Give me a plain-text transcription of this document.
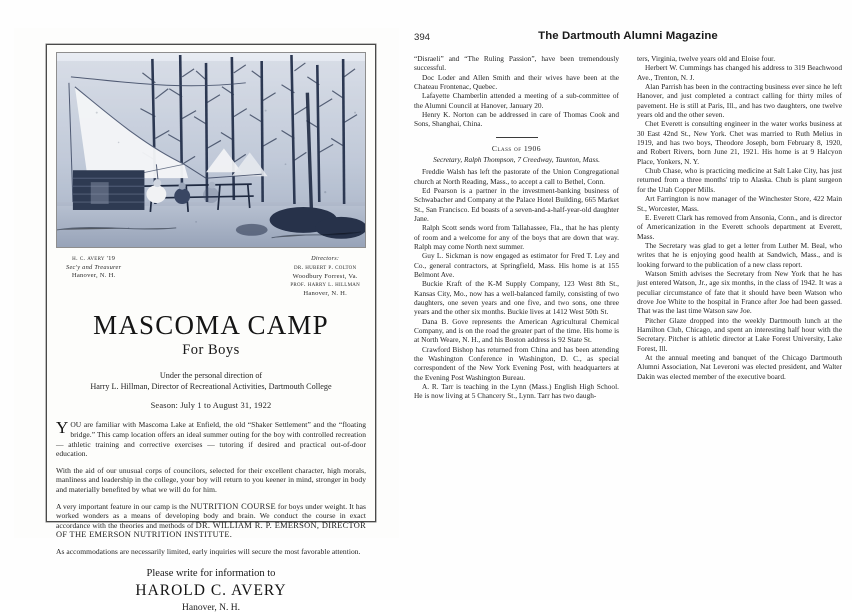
h. c. avery '19
Sec'y and Treasurer
Hanover, N. H.
Directors:
dr. hubert p. colton
Woodbury Forrest, Va.
prof. harry l. hillman
Hanover, N. H.
MASCOMA CAMP
For Boys
Under the personal direction of
Harry L. Hillman, Director of Recreational Activities, Dartmouth College
Season: July 1 to August 31, 1922

YOU are familiar with Mascoma Lake at Enfield, the old “Shaker Settlement” and the “floating bridge.” This camp location offers an ideal summer outing for the boy with controlled recreation — athletic training and corrective exercises — tutoring if desired and practical out-of-door education.

With the aid of our unusual corps of councilors, selected for their excellent character, high morals, manliness and leadership in the college, your boy will return to you keener in mind, stronger in body and materially benefited by what we will do for him.

A very important feature in our camp is the NUTRITION COURSE for boys under weight. It has worked wonders as a means of developing body and brain. We conduct the course in exact accordance with the theories and methods of DR. WILLIAM R. P. EMERSON, DIRECTOR OF THE EMERSON NUTRITION INSTITUTE.

As accommodations are necessarily limited, early inquiries will secure the most favorable attention.

Please write for information to
HAROLD C. AVERY
Hanover, N. H.
394	The Dartmouth Alumni Magazine

“Disraeli” and “The Ruling Passion”, have been tremendously successful.

Doc Loder and Allen Smith and their wives have been at the Chateau Frontenac, Quebec.

Lafayette Chamberlin attended a meeting of a sub-committee of the Alumni Council at Hanover, January 20.

Henry K. Norton can be addressed in care of Thomas Cook and Sons, Shanghai, China.

Class of 1906
Secretary, Ralph Thompson, 7 Creedway, Taunton, Mass.

Freddie Walsh has left the pastorate of the Union Congregational church at North Reading, Mass., to accept a call to Bethel, Conn.

Ed Pearson is a partner in the investment-banking business of Schwabacher and Company at the Palace Hotel Building, 665 Market St., San Francisco. Ed boasts of a seven-and-a-half-year-old daughter Jane.

Ralph Scott sends word from Tallahassee, Fla., that he has plenty of room and a welcome for any of the boys that are down that way. Ralph may come North next summer.

Guy L. Sickman is now engaged as estimator for Fred T. Ley and Co., general contractors, at Springfield, Mass. His home is at 155 Belmont Ave.

Buckie Kraft of the K-M Supply Company, 123 West 8th St., Kansas City, Mo., now has a well-balanced family, consisting of two daughters, one seven years and one five, and two sons, one three years and the other six months. Buckie lives at 1412 West 50th St.

Dana B. Gove represents the American Agricultural Chemical Company, and is on the road the greater part of the time. His home is at North Weare, N. H., and his Boston address is 92 State St.

Crawford Bishop has returned from China and has been attending the Washington Conference in Washington, D. C., as special correspondent of the New York Evening Post, with headquarters at the Evening Post Washington Bureau.

A. R. Tarr is teaching in the Lynn (Mass.) English High School. He is now living at 5 Chancery St., Lynn. Tarr has two daugh-

ters, Virginia, twelve years old and Eloise four.

Herbert W. Cummings has changed his address to 319 Beachwood Ave., Trenton, N. J.

Alan Parrish has been in the contracting business ever since he left Hanover, and just completed a contract calling for thirty miles of pavement. He is still at Paris, Ill., and has two daughters, one twelve years old and the other seven.

Chet Everett is consulting engineer in the water works business at 30 East 42nd St., New York. Chet was married to Ruth Melius in 1919, and has two boys, Theodore Joseph, born February 8, 1920, and Robert Rivers, born June 21, 1921. His home is at 9 Halcyon Place, Yonkers, N. Y.

Chub Chase, who is practicing medicine at Salt Lake City, has just returned from a three months' trip to Alaska. Chub is plant surgeon for the Utah Copper Mills.

Art Farrington is now manager of the Winchester Store, 422 Main St., Worcester, Mass.

E. Everett Clark has removed from Ansonia, Conn., and is director of Americanization in the Everett schools department at Everett, Mass.

The Secretary was glad to get a letter from Luther M. Beal, who writes that he is enjoying good health at Sandwich, Mass., and is looking forward to the publication of a new class report.

Watson Smith advises the Secretary from New York that he has just entered Watson, Jr., age six months, in the class of 1942. It was a peculiar circumstance of fate that it should have been Watson who drove Joe White to the hospital in France after Joe had been gassed. That was the last time Watson saw Joe.

Pitcher Glaze dropped into the weekly Dartmouth lunch at the Hamilton Club, Chicago, and spent an interesting half hour with the Secretary. Pitcher is athletic director at Lake Forest University, Lake Forest, Ill.

At the annual meeting and banquet of the Chicago Dartmouth Alumni Association, Nat Leveroni was elected president, and Walter Dakin was elected member of the executive board.
